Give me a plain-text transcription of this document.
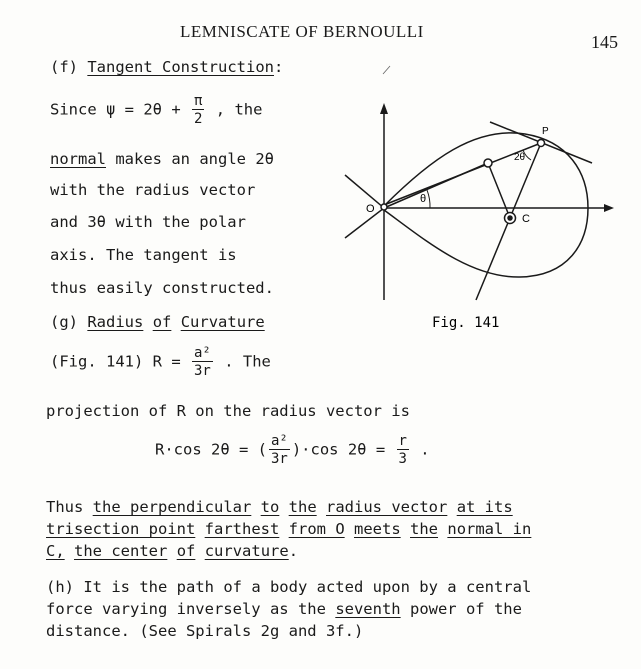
LEMNISCATE OF BERNOULLI
145
(f) Tangent Construction:
Since $\psi = 2\theta + \frac{\pi}{2}$ , the
normal makes an angle 2θ
with the radius vector
and 3θ with the polar
axis. The tangent is
thus easily constructed.
(g) Radius of Curvature
(Fig. 141) $R = \frac{\text{a²}}{3r}$ . The
projection of R on the radius vector is
R·cos 2θ = ( $\frac{\text{a²}}{3r} )\cdot\cos$ $2\theta = \frac{r}{3}$ .
Thus the perpendicular to the radius vector at its
trisection point farthest from O meets the normal in
C, the center of curvature.
(h) It is the path of a body acted upon by a central
force varying inversely as the seventh power of the
distance. (See Spirals 2g and 3f.)
O
C
P
θ
2θ
Fig. 141
